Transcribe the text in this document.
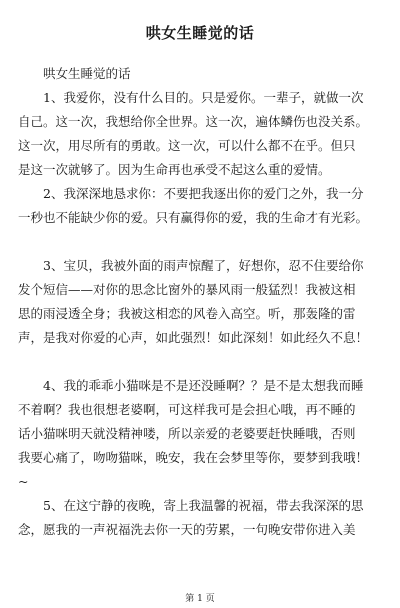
哄女生睡觉的话
哄女生睡觉的话
1、我爱你，没有什么目的。只是爱你。一辈子，就做一次
自己。这一次，我想给你全世界。这一次，遍体鳞伤也没关系。
这一次，用尽所有的勇敢。这一次，可以什么都不在乎。但只
是这一次就够了。因为生命再也承受不起这么重的爱情。
2、我深深地恳求你：不要把我逐出你的爱门之外，我一分
一秒也不能缺少你的爱。只有赢得你的爱，我的生命才有光彩。
3、宝贝，我被外面的雨声惊醒了，好想你，忍不住要给你
发个短信——对你的思念比窗外的暴风雨一般猛烈！我被这相
思的雨浸透全身；我被这相恋的风卷入高空。听，那轰隆的雷
声，是我对你爱的心声，如此强烈！如此深刻！如此经久不息！
4、我的乖乖小猫咪是不是还没睡啊？？是不是太想我而睡
不着啊？我也很想老婆啊，可这样我可是会担心哦，再不睡的
话小猫咪明天就没精神喽，所以亲爱的老婆要赶快睡哦，否则
我要心痛了，吻吻猫咪，晚安，我在会梦里等你，要梦到我哦！
~
5、在这宁静的夜晚，寄上我温馨的祝福，带去我深深的思
念，愿我的一声祝福洗去你一天的劳累，一句晚安带你进入美
第 1 页
